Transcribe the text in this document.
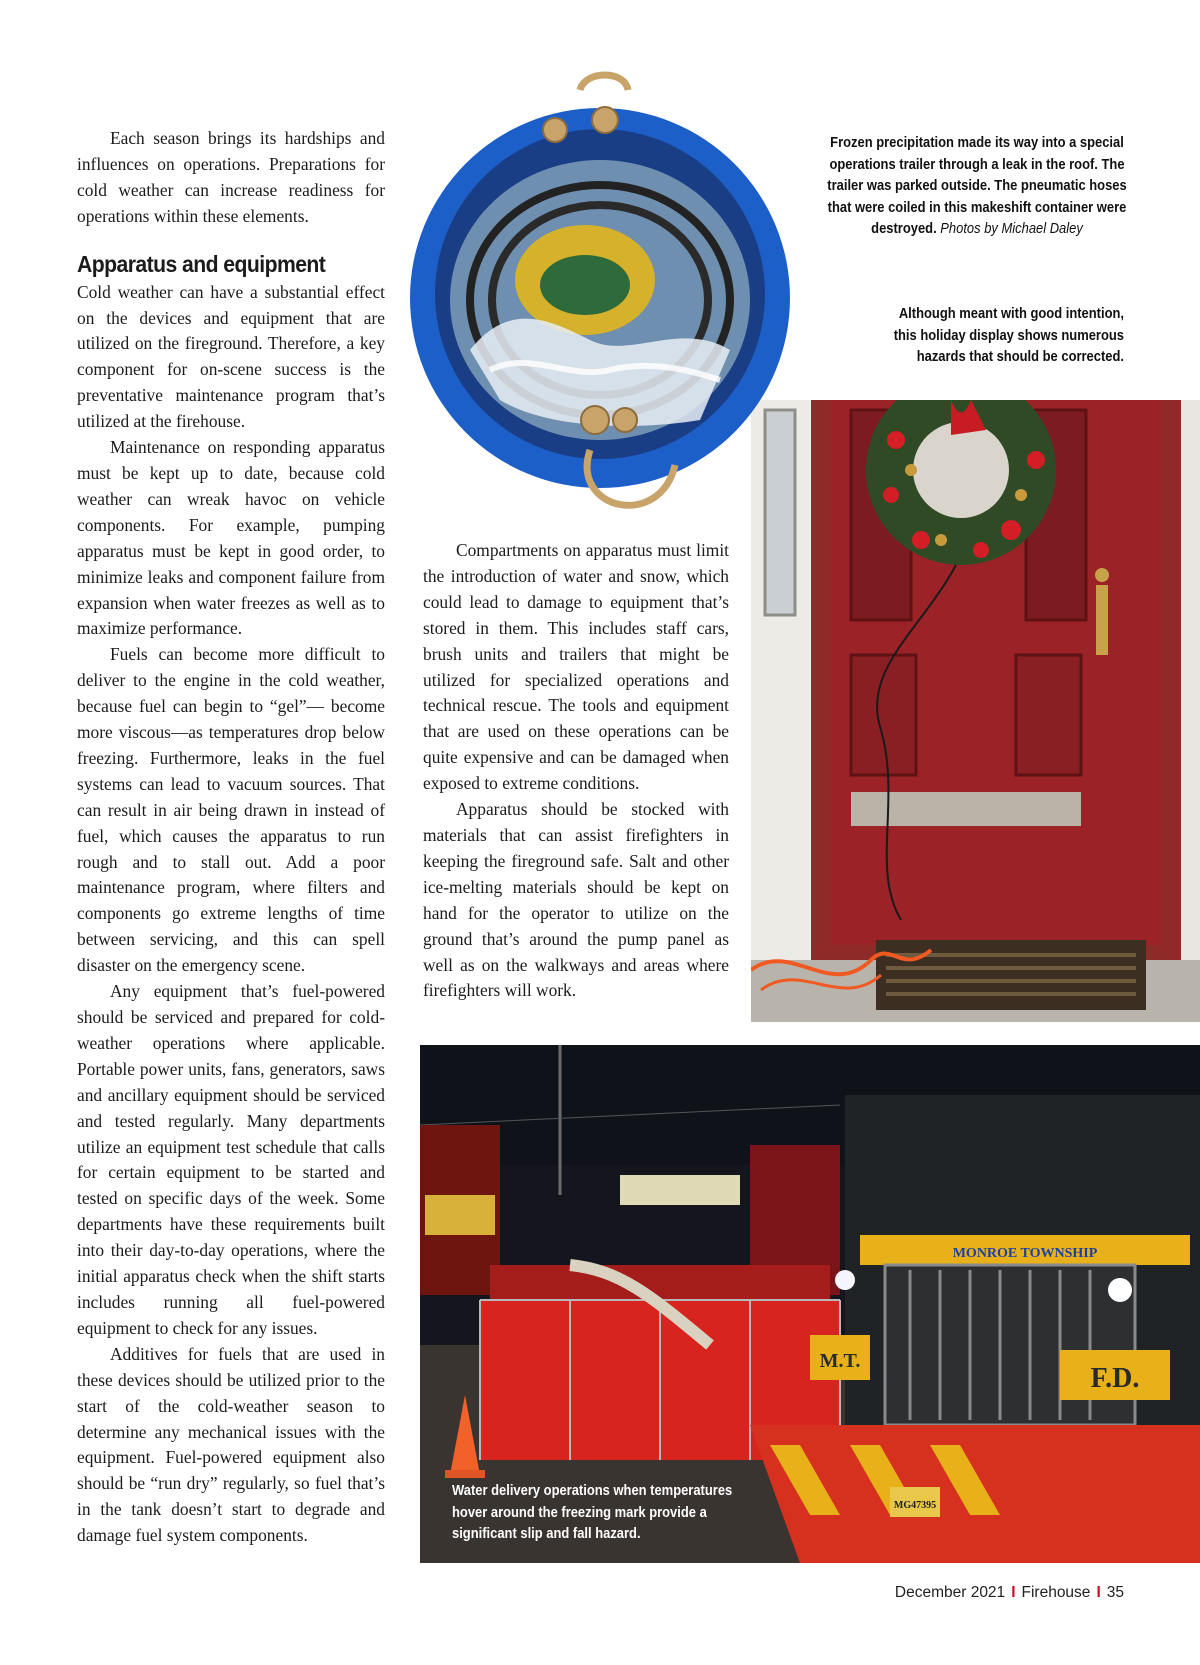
Each season brings its hardships and influences on operations. Preparations for cold weather can increase readiness for operations within these elements.

Apparatus and equipment

Cold weather can have a substantial effect on the devices and equipment that are utilized on the fireground. Therefore, a key component for on-scene success is the preventative maintenance program that’s utilized at the firehouse.

Maintenance on responding apparatus must be kept up to date, because cold weather can wreak havoc on vehicle components. For example, pumping apparatus must be kept in good order, to minimize leaks and component failure from expansion when water freezes as well as to maximize performance.

Fuels can become more difficult to deliver to the engine in the cold weather, because fuel can begin to “gel”— become more viscous—as temperatures drop below freezing. Furthermore, leaks in the fuel systems can lead to vacuum sources. That can result in air being drawn in instead of fuel, which causes the apparatus to run rough and to stall out. Add a poor maintenance program, where filters and components go extreme lengths of time between servicing, and this can spell disaster on the emergency scene.

Any equipment that’s fuel-powered should be serviced and prepared for cold-weather operations where applicable. Portable power units, fans, generators, saws and ancillary equipment should be serviced and tested regularly. Many departments utilize an equipment test schedule that calls for certain equipment to be started and tested on specific days of the week. Some departments have these requirements built into their day-to-day operations, where the initial apparatus check when the shift starts includes running all fuel-powered equipment to check for any issues.

Additives for fuels that are used in these devices should be utilized prior to the start of the cold-weather season to determine any mechanical issues with the equipment. Fuel-powered equipment also should be “run dry” regularly, so fuel that’s in the tank doesn’t start to degrade and damage fuel system components.

Compartments on apparatus must limit the introduction of water and snow, which could lead to damage to equipment that’s stored in them. This includes staff cars, brush units and trailers that might be utilized for specialized operations and technical rescue. The tools and equipment that are used on these operations can be quite expensive and can be damaged when exposed to extreme conditions.

Apparatus should be stocked with materials that can assist firefighters in keeping the fireground safe. Salt and other ice-melting materials should be kept on hand for the operator to utilize on the ground that’s around the pump panel as well as on the walkways and areas where firefighters will work.

MONROE TOWNSHIP
M.T.
F.D.
MG47395
Frozen precipitation made its way into a special operations trailer through a leak in the roof. The trailer was parked outside. The pneumatic hoses that were coiled in this makeshift container were destroyed. Photos by Michael Daley
Although meant with good intention, this holiday display shows numerous hazards that should be corrected.
Water delivery operations when temperatures hover around the freezing mark provide a significant slip and fall hazard.
December 2021 I Firehouse I 35
